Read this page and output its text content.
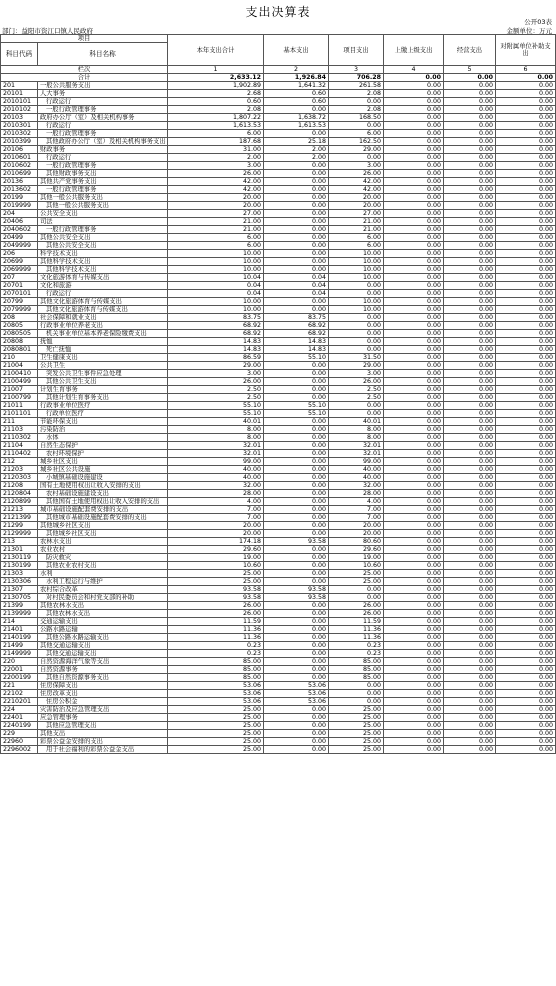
支出决算表
公开03表
部门：益阳市资江口镇人民政府	金额单位：万元
项目		本年支出合计	基本支出	项目支出	上缴上级支出	经营支出	对附属单位补助支出
科目代码	科目名称						
栏次		1	2	3	4	5	6
合计		2,633.12	1,926.84	706.28	0.00	0.00	0.00
201	一般公共服务支出	1,902.89	1,641.32	261.58	0.00	0.00	0.00
20101	人大事务	2.68	0.60	2.08	0.00	0.00	0.00
2010101	行政运行	0.60	0.60	0.00	0.00	0.00	0.00
2010102	一般行政管理事务	2.08	0.00	2.08	0.00	0.00	0.00
20103	政府办公厅（室）及相关机构事务	1,807.22	1,638.72	168.50	0.00	0.00	0.00
2010301	行政运行	1,613.53	1,613.53	0.00	0.00	0.00	0.00
2010302	一般行政管理事务	6.00	0.00	6.00	0.00	0.00	0.00
2010399	其他政府办公厅（室）及相关机构事务支出	187.68	25.18	162.50	0.00	0.00	0.00
20106	财政事务	31.00	2.00	29.00	0.00	0.00	0.00
2010601	行政运行	2.00	2.00	0.00	0.00	0.00	0.00
2010602	一般行政管理事务	3.00	0.00	3.00	0.00	0.00	0.00
2010699	其他财政事务支出	26.00	0.00	26.00	0.00	0.00	0.00
20136	其他共产党事务支出	42.00	0.00	42.00	0.00	0.00	0.00
2013602	一般行政管理事务	42.00	0.00	42.00	0.00	0.00	0.00
20199	其他一般公共服务支出	20.00	0.00	20.00	0.00	0.00	0.00
2019999	其他一般公共服务支出	20.00	0.00	20.00	0.00	0.00	0.00
204	公共安全支出	27.00	0.00	27.00	0.00	0.00	0.00
20406	司法	21.00	0.00	21.00	0.00	0.00	0.00
2040602	一般行政管理事务	21.00	0.00	21.00	0.00	0.00	0.00
20499	其他公共安全支出	6.00	0.00	6.00	0.00	0.00	0.00
2049999	其他公共安全支出	6.00	0.00	6.00	0.00	0.00	0.00
206	科学技术支出	10.00	0.00	10.00	0.00	0.00	0.00
20699	其他科学技术支出	10.00	0.00	10.00	0.00	0.00	0.00
2069999	其他科学技术支出	10.00	0.00	10.00	0.00	0.00	0.00
207	文化旅游体育与传媒支出	10.04	0.04	10.00	0.00	0.00	0.00
20701	文化和旅游	0.04	0.04	0.00	0.00	0.00	0.00
2070101	行政运行	0.04	0.04	0.00	0.00	0.00	0.00
20799	其他文化旅游体育与传媒支出	10.00	0.00	10.00	0.00	0.00	0.00
2079999	其他文化旅游体育与传媒支出	10.00	0.00	10.00	0.00	0.00	0.00
208	社会保障和就业支出	83.75	83.75	0.00	0.00	0.00	0.00
20805	行政事业单位养老支出	68.92	68.92	0.00	0.00	0.00	0.00
2080505	机关事业单位基本养老保险缴费支出	68.92	68.92	0.00	0.00	0.00	0.00
20808	抚恤	14.83	14.83	0.00	0.00	0.00	0.00
2080801	死亡抚恤	14.83	14.83	0.00	0.00	0.00	0.00
210	卫生健康支出	86.59	55.10	31.50	0.00	0.00	0.00
21004	公共卫生	29.00	0.00	29.00	0.00	0.00	0.00
2100410	突发公共卫生事件应急处理	3.00	0.00	3.00	0.00	0.00	0.00
2100499	其他公共卫生支出	26.00	0.00	26.00	0.00	0.00	0.00
21007	计划生育事务	2.50	0.00	2.50	0.00	0.00	0.00
2100799	其他计划生育事务支出	2.50	0.00	2.50	0.00	0.00	0.00
21011	行政事业单位医疗	55.10	55.10	0.00	0.00	0.00	0.00
2101101	行政单位医疗	55.10	55.10	0.00	0.00	0.00	0.00
211	节能环保支出	40.01	0.00	40.01	0.00	0.00	0.00
21103	污染防治	8.00	0.00	8.00	0.00	0.00	0.00
2110302	水体	8.00	0.00	8.00	0.00	0.00	0.00
21104	自然生态保护	32.01	0.00	32.01	0.00	0.00	0.00
2110402	农村环境保护	32.01	0.00	32.01	0.00	0.00	0.00
212	城乡社区支出	99.00	0.00	99.00	0.00	0.00	0.00
21203	城乡社区公共设施	40.00	0.00	40.00	0.00	0.00	0.00
2120303	小城镇基础设施建设	40.00	0.00	40.00	0.00	0.00	0.00
21208	国有土地使用权出让收入安排的支出	32.00	0.00	32.00	0.00	0.00	0.00
2120804	农村基础设施建设支出	28.00	0.00	28.00	0.00	0.00	0.00
2120899	其他国有土地使用权出让收入安排的支出	4.00	0.00	4.00	0.00	0.00	0.00
21213	城市基础设施配套费安排的支出	7.00	0.00	7.00	0.00	0.00	0.00
2121399	其他城市基础设施配套费安排的支出	7.00	0.00	7.00	0.00	0.00	0.00
21299	其他城乡社区支出	20.00	0.00	20.00	0.00	0.00	0.00
2129999	其他城乡社区支出	20.00	0.00	20.00	0.00	0.00	0.00
213	农林水支出	174.18	93.58	80.60	0.00	0.00	0.00
21301	农业农村	29.60	0.00	29.60	0.00	0.00	0.00
2130119	防灾救灾	19.00	0.00	19.00	0.00	0.00	0.00
2130199	其他农业农村支出	10.60	0.00	10.60	0.00	0.00	0.00
21303	水利	25.00	0.00	25.00	0.00	0.00	0.00
2130306	水利工程运行与维护	25.00	0.00	25.00	0.00	0.00	0.00
21307	农村综合改革	93.58	93.58	0.00	0.00	0.00	0.00
2130705	对村民委员会和村党支部的补助	93.58	93.58	0.00	0.00	0.00	0.00
21399	其他农林水支出	26.00	0.00	26.00	0.00	0.00	0.00
2139999	其他农林水支出	26.00	0.00	26.00	0.00	0.00	0.00
214	交通运输支出	11.59	0.00	11.59	0.00	0.00	0.00
21401	公路水路运输	11.36	0.00	11.36	0.00	0.00	0.00
2140199	其他公路水路运输支出	11.36	0.00	11.36	0.00	0.00	0.00
21499	其他交通运输支出	0.23	0.00	0.23	0.00	0.00	0.00
2149999	其他交通运输支出	0.23	0.00	0.23	0.00	0.00	0.00
220	自然资源海洋气象等支出	85.00	0.00	85.00	0.00	0.00	0.00
22001	自然资源事务	85.00	0.00	85.00	0.00	0.00	0.00
2200199	其他自然资源事务支出	85.00	0.00	85.00	0.00	0.00	0.00
221	住房保障支出	53.06	53.06	0.00	0.00	0.00	0.00
22102	住房改革支出	53.06	53.06	0.00	0.00	0.00	0.00
2210201	住房公积金	53.06	53.06	0.00	0.00	0.00	0.00
224	灾害防治及应急管理支出	25.00	0.00	25.00	0.00	0.00	0.00
22401	应急管理事务	25.00	0.00	25.00	0.00	0.00	0.00
2240199	其他应急管理支出	25.00	0.00	25.00	0.00	0.00	0.00
229	其他支出	25.00	0.00	25.00	0.00	0.00	0.00
22960	彩票公益金安排的支出	25.00	0.00	25.00	0.00	0.00	0.00
2296002	用于社会福利的彩票公益金支出	25.00	0.00	25.00	0.00	0.00	0.00
